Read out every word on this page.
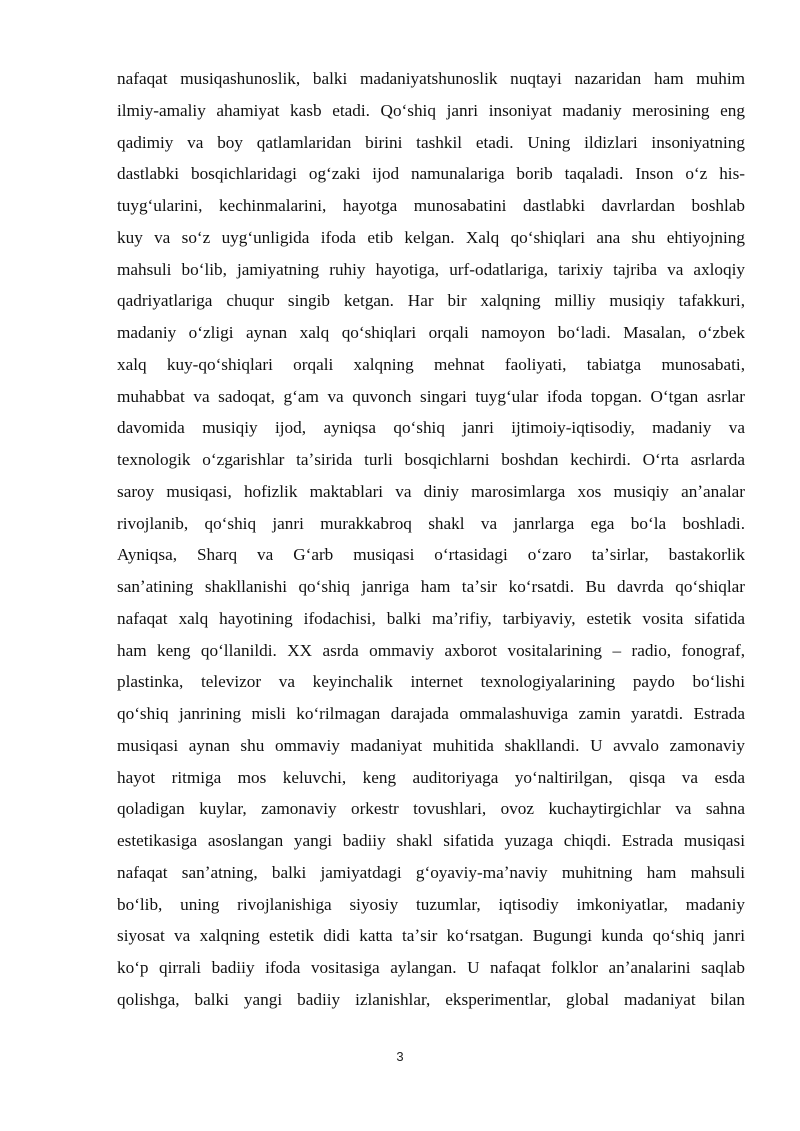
nafaqat musiqashunoslik, balki madaniyatshunoslik nuqtayi nazaridan ham muhim
ilmiy-amaliy ahamiyat kasb etadi. Qoʻshiq janri insoniyat madaniy merosining eng
qadimiy va boy qatlamlaridan birini tashkil etadi. Uning ildizlari insoniyatning
dastlabki bosqichlaridagi ogʻzaki ijod namunalariga borib taqaladi. Inson oʻz his-
tuygʻularini, kechinmalarini, hayotga munosabatini dastlabki davrlardan boshlab
kuy va soʻz uygʻunligida ifoda etib kelgan. Xalq qoʻshiqlari ana shu ehtiyojning
mahsuli boʻlib, jamiyatning ruhiy hayotiga, urf-odatlariga, tarixiy tajriba va axloqiy
qadriyatlariga chuqur singib ketgan. Har bir xalqning milliy musiqiy tafakkuri,
madaniy oʻzligi aynan xalq qoʻshiqlari orqali namoyon boʻladi. Masalan, oʻzbek
xalq kuy-qoʻshiqlari orqali xalqning mehnat faoliyati, tabiatga munosabati,
muhabbat va sadoqat, gʻam va quvonch singari tuygʻular ifoda topgan. Oʻtgan asrlar
davomida musiqiy ijod, ayniqsa qoʻshiq janri ijtimoiy-iqtisodiy, madaniy va
texnologik oʻzgarishlar taʼsirida turli bosqichlarni boshdan kechirdi. Oʻrta asrlarda
saroy musiqasi, hofizlik maktablari va diniy marosimlarga xos musiqiy anʼanalar
rivojlanib, qoʻshiq janri murakkabroq shakl va janrlarga ega boʻla boshladi.
Ayniqsa, Sharq va Gʻarb musiqasi oʻrtasidagi oʻzaro taʼsirlar, bastakorlik
sanʼatining shakllanishi qoʻshiq janriga ham taʼsir koʻrsatdi. Bu davrda qoʻshiqlar
nafaqat xalq hayotining ifodachisi, balki maʼrifiy, tarbiyaviy, estetik vosita sifatida
ham keng qoʻllanildi. XX asrda ommaviy axborot vositalarining – radio, fonograf,
plastinka, televizor va keyinchalik internet texnologiyalarining paydo boʻlishi
qoʻshiq janrining misli koʻrilmagan darajada ommalashuviga zamin yaratdi. Estrada
musiqasi aynan shu ommaviy madaniyat muhitida shakllandi. U avvalo zamonaviy
hayot ritmiga mos keluvchi, keng auditoriyaga yoʻnaltirilgan, qisqa va esda
qoladigan kuylar, zamonaviy orkestr tovushlari, ovoz kuchaytirgichlar va sahna
estetikasiga asoslangan yangi badiiy shakl sifatida yuzaga chiqdi. Estrada musiqasi
nafaqat sanʼatning, balki jamiyatdagi gʻoyaviy-maʼnaviy muhitning ham mahsuli
boʻlib, uning rivojlanishiga siyosiy tuzumlar, iqtisodiy imkoniyatlar, madaniy
siyosat va xalqning estetik didi katta taʼsir koʻrsatgan. Bugungi kunda qoʻshiq janri
koʻp qirrali badiiy ifoda vositasiga aylangan. U nafaqat folklor anʼanalarini saqlab
qolishga, balki yangi badiiy izlanishlar, eksperimentlar, global madaniyat bilan
3
